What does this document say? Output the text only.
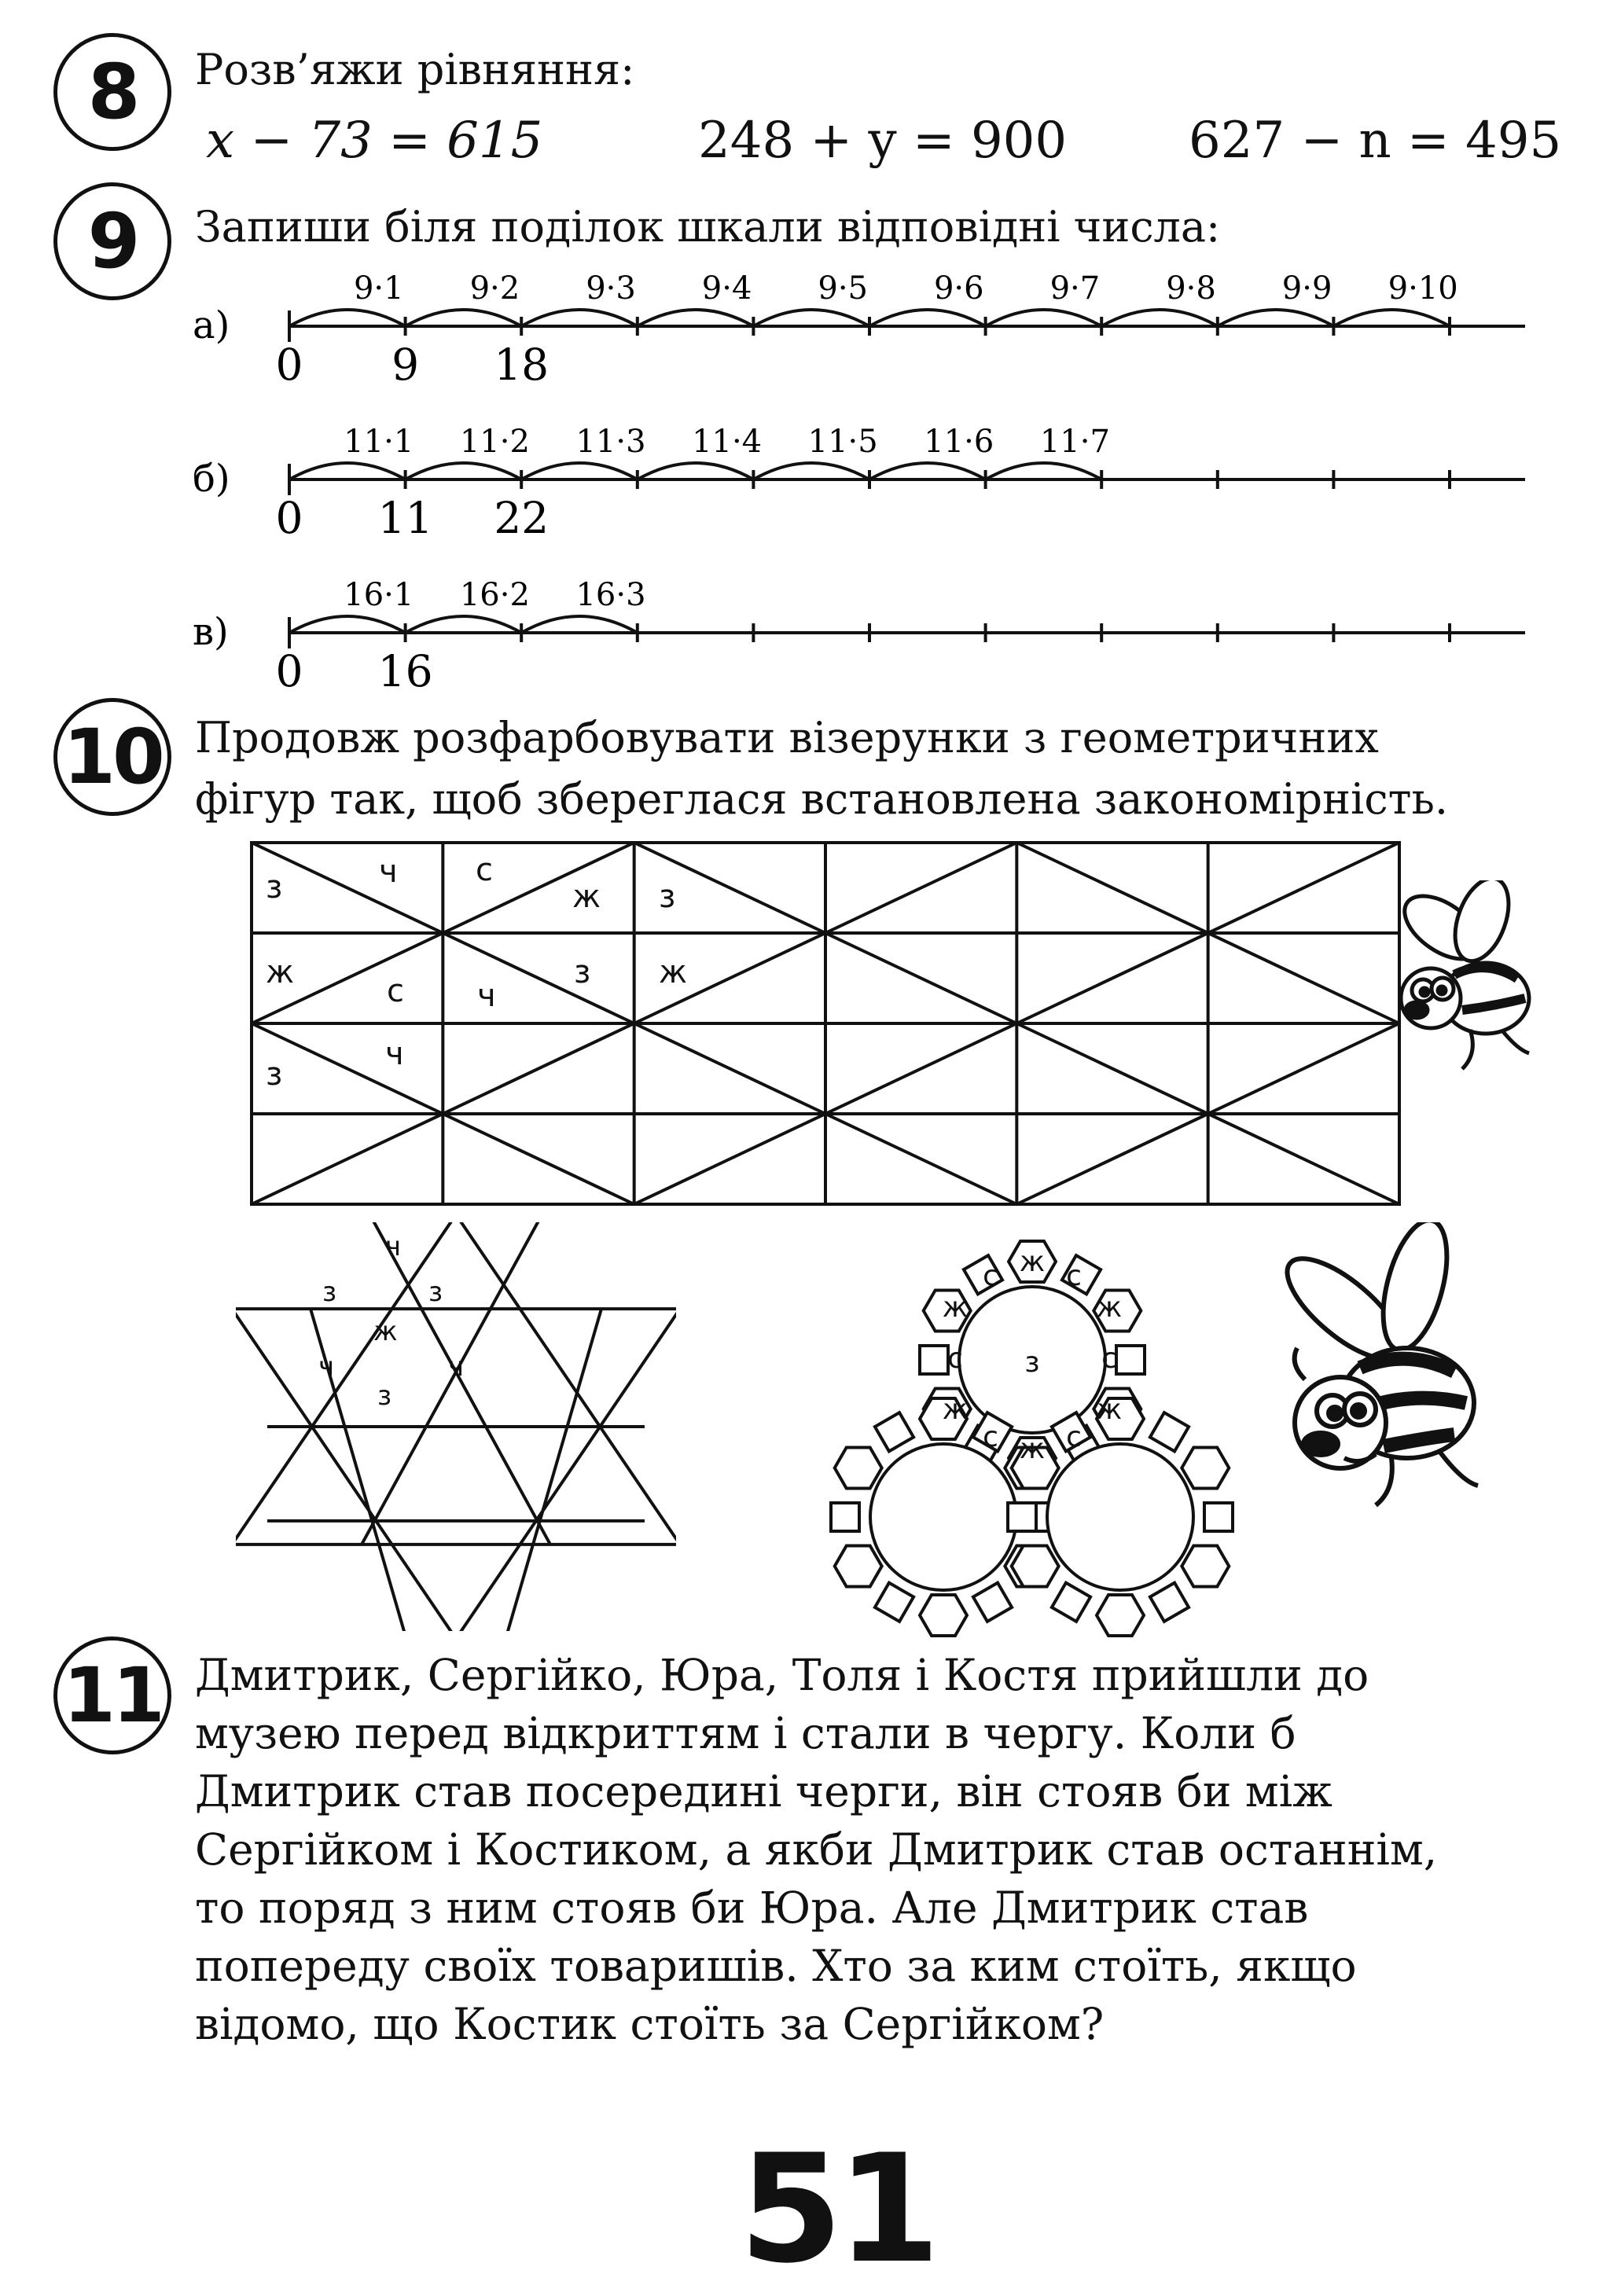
8	Розв’яжи рівняння:
x − 73 = 615	248 + y = 900 627 − n = 495
9	Запиши біля поділок шкали відповідні числа:
а)
9·1 9·2 9·3 9·4 9·5 9·6 9·7 9·8 9·9 9·10
0 9 18
б)
11·1 11·2 11·3 11·4 11·5 11·6 11·7
0 11 22
в)
16·1 16·2 16·3
0 16
10 Продовж розфарбовувати візерунки з геометричних
фігур так, щоб збереглася встановлена закономірність.
з	ч с
ж з
ж
с ч
з ж
з
ч
ч
з	з
ж
ч	ч
з
ж
с с
ж	ж
с з с
ж	ж
с с
ж
11 Дмитрик, Сергійко, Юра, Толя і Костя прийшли до
музею перед відкриттям і стали в чергу. Коли б
Дмитрик став посередині черги, він стояв би між
Сергійком і Костиком, а якби Дмитрик став останнім,
то поряд з ним стояв би Юра. Але Дмитрик став
попереду своїх товаришів. Хто за ким стоїть, якщо
відомо, що Костик стоїть за Сергійком?
51
